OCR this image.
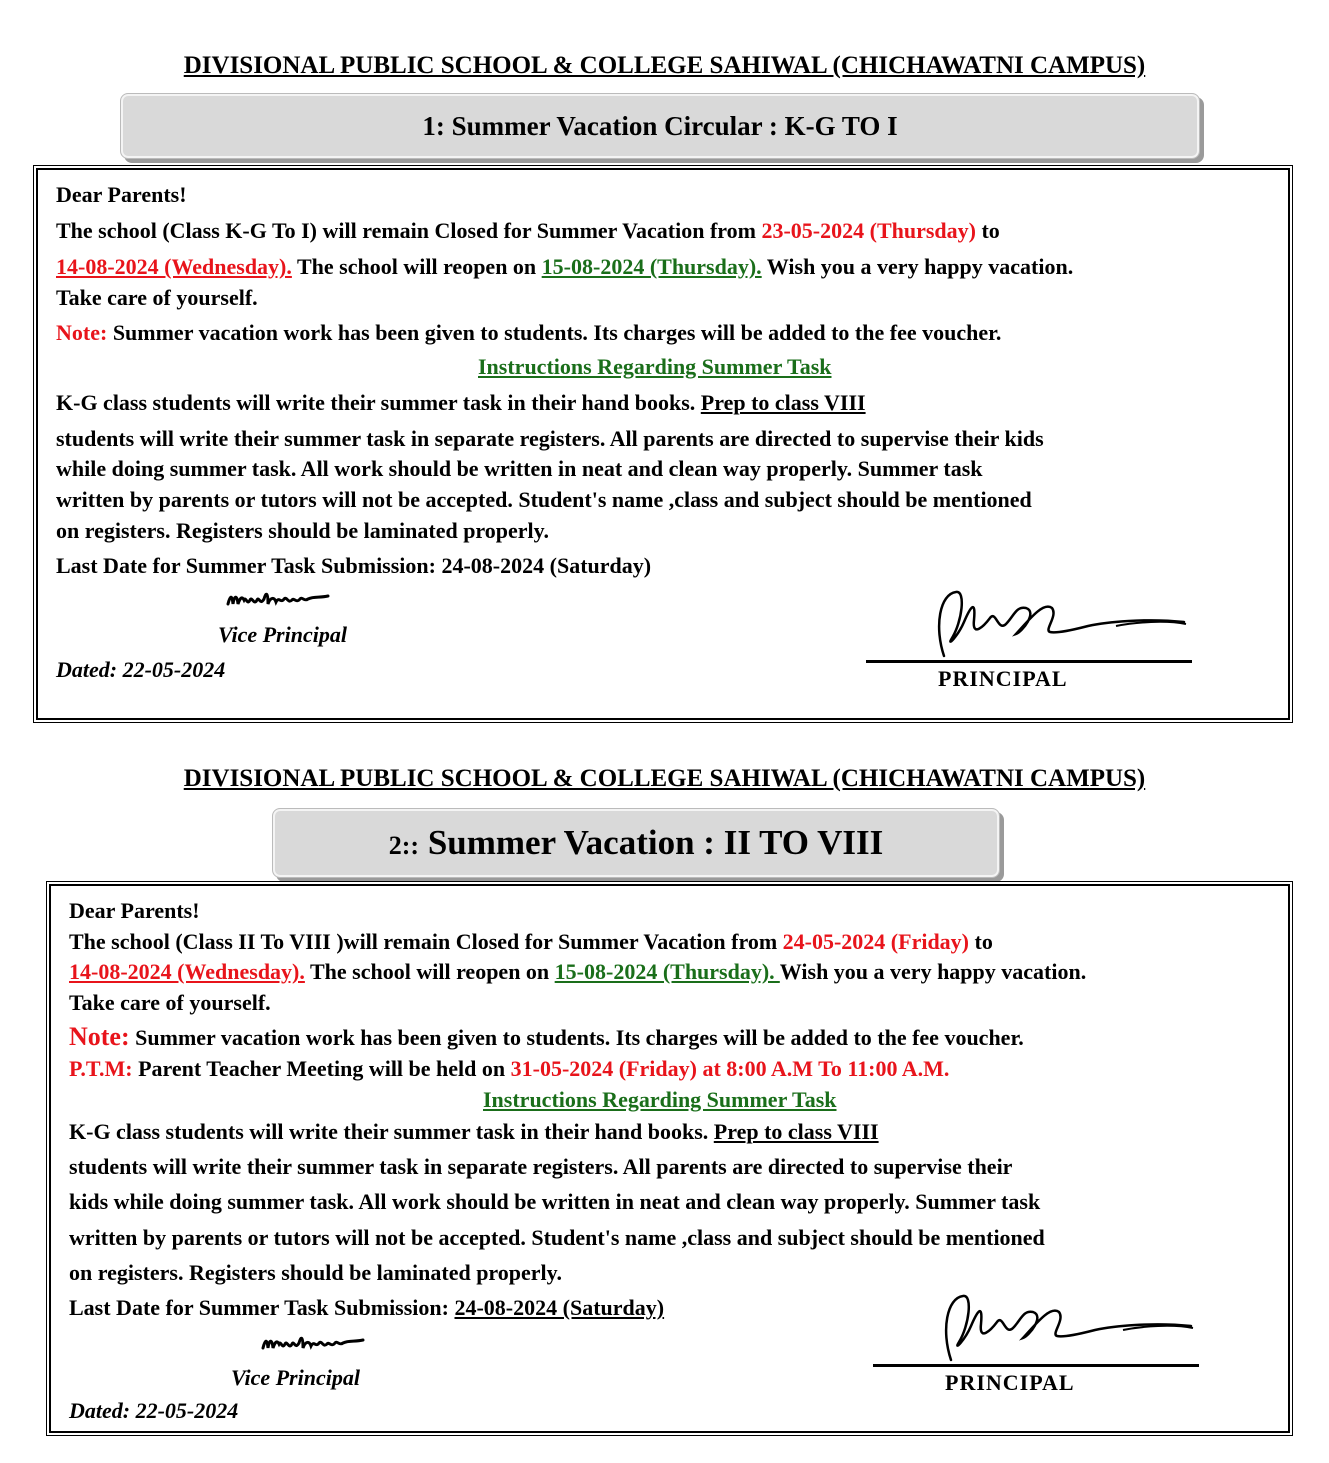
DIVISIONAL PUBLIC SCHOOL & COLLEGE SAHIWAL (CHICHAWATNI CAMPUS)
1: Summer Vacation Circular : K-G TO I
Dear Parents!
The school (Class K-G To I) will remain Closed for Summer Vacation from 23-05-2024 (Thursday) to
14-08-2024 (Wednesday). The school will reopen on 15-08-2024 (Thursday). Wish you a very happy vacation.
Take care of yourself.
Note: Summer vacation work has been given to students. Its charges will be added to the fee voucher.
Instructions Regarding Summer Task
K-G class students will write their summer task in their hand books. Prep to class VIII
students will write their summer task in separate registers. All parents are directed to supervise their kids
while doing summer task. All work should be written in neat and clean way properly. Summer task
written by parents or tutors will not be accepted. Student's name ,class and subject should be mentioned
on registers. Registers should be laminated properly.
Last Date for Summer Task Submission: 24-08-2024 (Saturday)
Vice Principal
Dated: 22-05-2024	PRINCIPAL
DIVISIONAL PUBLIC SCHOOL & COLLEGE SAHIWAL (CHICHAWATNI CAMPUS)
2:: Summer Vacation : II TO VIII
Dear Parents!
The school (Class II To VIII )will remain Closed for Summer Vacation from 24-05-2024 (Friday) to
14-08-2024 (Wednesday). The school will reopen on 15-08-2024 (Thursday). Wish you a very happy vacation.
Take care of yourself.
Note: Summer vacation work has been given to students. Its charges will be added to the fee voucher.
P.T.M: Parent Teacher Meeting will be held on 31-05-2024 (Friday) at 8:00 A.M To 11:00 A.M.
Instructions Regarding Summer Task
K-G class students will write their summer task in their hand books. Prep to class VIII
students will write their summer task in separate registers. All parents are directed to supervise their
kids while doing summer task. All work should be written in neat and clean way properly. Summer task
written by parents or tutors will not be accepted. Student's name ,class and subject should be mentioned
on registers. Registers should be laminated properly.
Last Date for Summer Task Submission: 24-08-2024 (Saturday)
Vice Principal
Dated: 22-05-2024
PRINCIPAL
